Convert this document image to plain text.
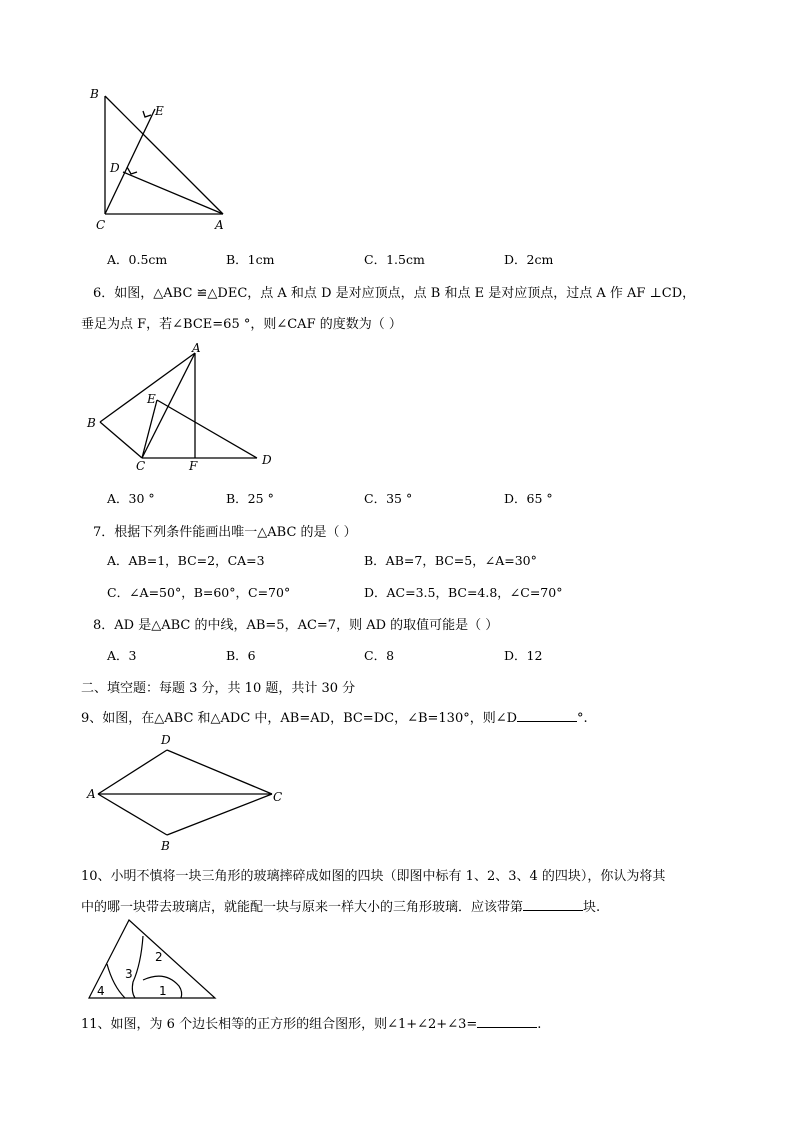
B
E
D
C	A
A．0.5cm	B．1cm	C．1.5cm	D．2cm
6．如图，△ABC ≌△DEC，点 A 和点 D 是对应顶点，点 B 和点 E 是对应顶点，过点 A 作 AF ⊥CD，
垂足为点 F，若∠BCE=65 °，则∠CAF 的度数为（ ）
A
E
B
C	F	D
A．30 °	B．25 °	C．35 °	D．65 °
7．根据下列条件能画出唯一△ABC 的是（ ）
A．AB=1，BC=2，CA=3	B．AB=7，BC=5，∠A=30°
C．∠A=50°，B=60°，C=70°	D．AC=3.5，BC=4.8，∠C=70°
8．AD 是△ABC 的中线，AB=5，AC=7，则 AD 的取值可能是（ ）
A．3	B．6	C．8	D．12
二、填空题：每题 3 分，共 10 题，共计 30 分
9、如图，在△ABC 和△ADC 中，AB=AD，BC=DC，∠B=130°，则∠D	°.
D
A	C
B
10、小明不慎将一块三角形的玻璃摔碎成如图的四块（即图中标有 1、2、3、4 的四块），你认为将其
中的哪一块带去玻璃店，就能配一块与原来一样大小的三角形玻璃．应该带第	块.
4
3
2
1
11、如图，为 6 个边长相等的正方形的组合图形，则∠1+∠2+∠3=	.
